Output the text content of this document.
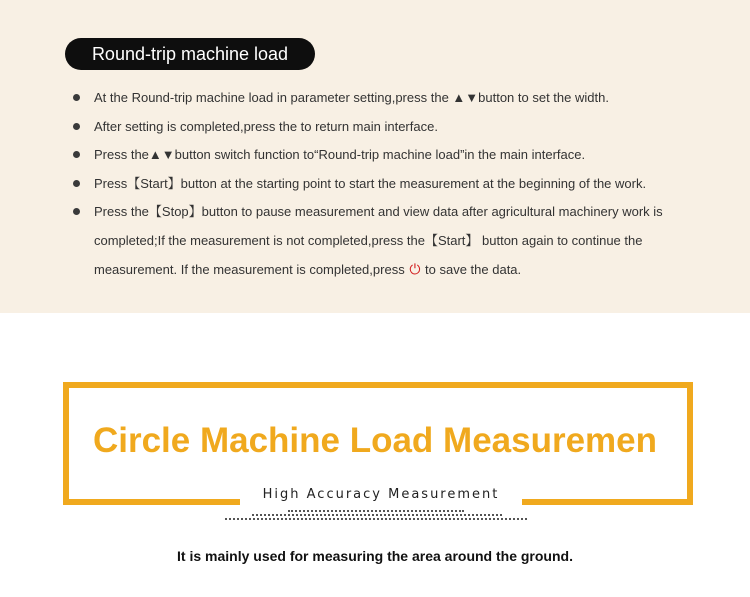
Round-trip machine load
At the Round-trip machine load in parameter setting,press the ▲▼button to set the width.
After setting is completed,press the to return main interface.
Press the▲▼button switch function to“Round-trip machine load”in the main interface.
Press【Start】button at the starting point to start the measurement at the beginning of the work.
Press the【Stop】button to pause measurement and view data after agricultural machinery work is completed;If the measurement is not completed,press the【Start】 button again to continue the measurement. If the measurement is completed,press ⏻ to save the data.
Circle Machine Load Measuremen
High Accuracy Measurement
It is mainly used for measuring the area around the ground.
